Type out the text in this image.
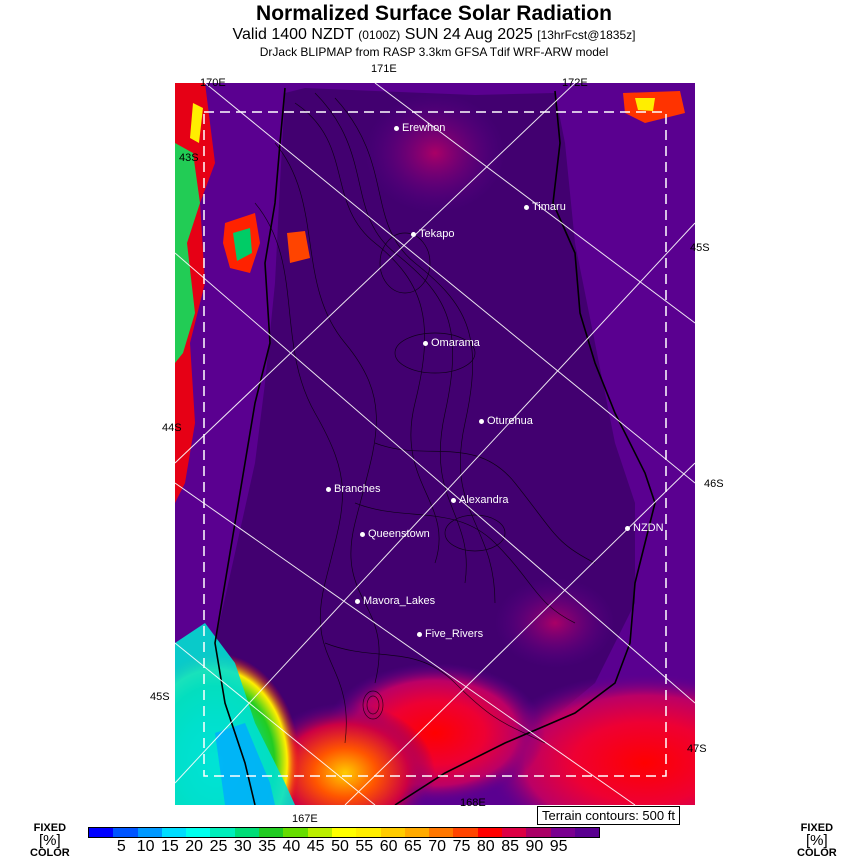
Normalized Surface Solar Radiation
Valid 1400 NZDT (0100Z) SUN 24 Aug 2025 [13hrFcst@1835z]
DrJack BLIPMAP from RASP 3.3km GFSA Tdif WRF-ARW model
170E
171E
172E
167E
168E
43S
44S
45S
45S
46S
47S
Erewhon
Timaru
Tekapo
Omarama
Oturehua
Branches
Alexandra
NZDN
Queenstown
Mavora_Lakes
Five_Rivers
Terrain contours: 500 ft
FIXED
[%]
COLOR
FIXED
[%]
COLOR
5 10 15 20 25 30 35 40 45 50 55 60 65 70 75 80 85 90 95
